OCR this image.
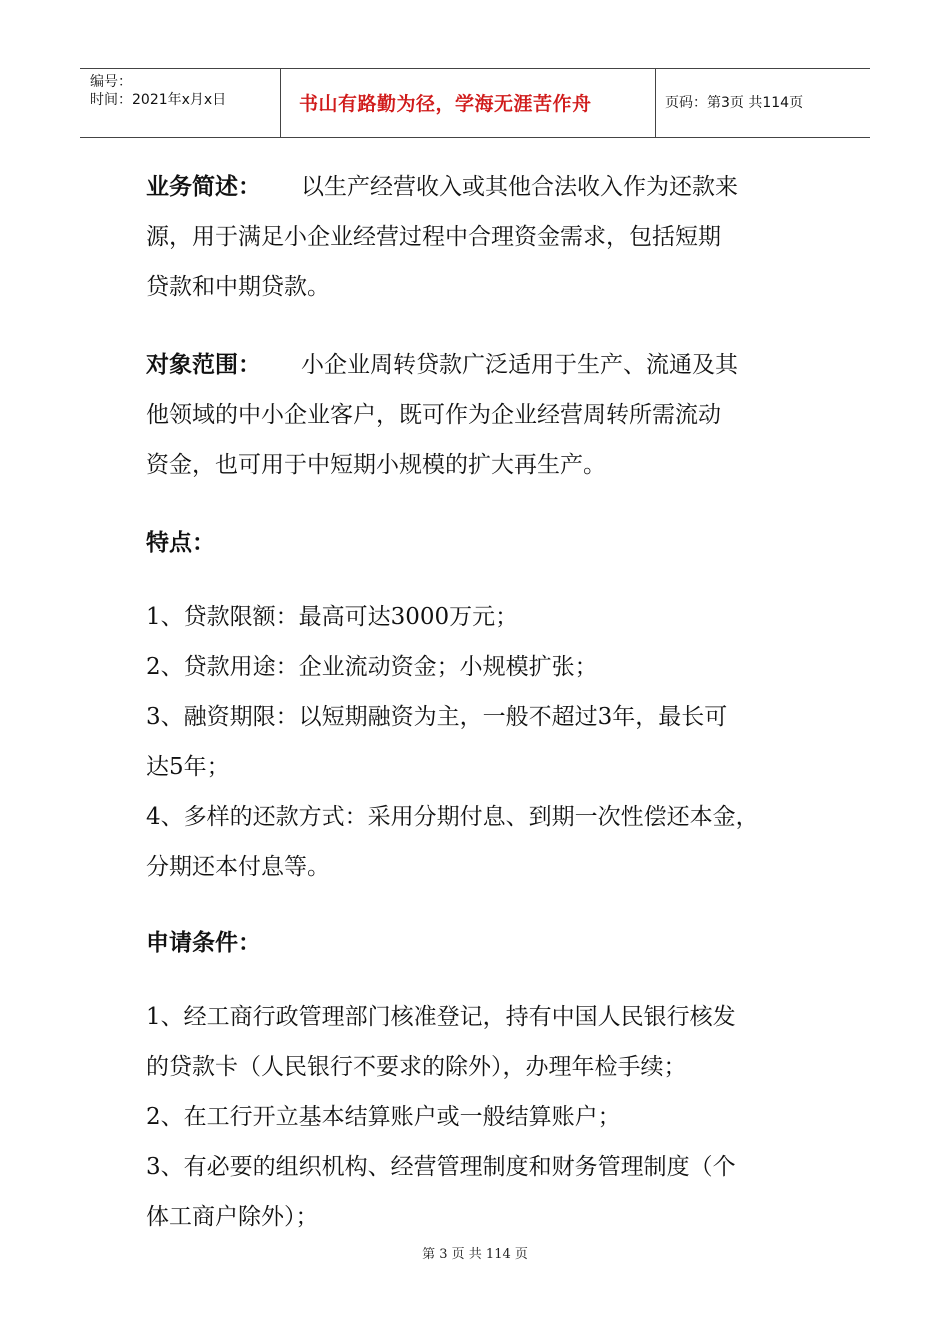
编号：
时间：2021年x月x日	书山有路勤为径，学海无涯苦作舟	页码：第3页 共114页

业务简述： 以生产经营收入或其他合法收入作为还款来

源，用于满足小企业经营过程中合理资金需求，包括短期

贷款和中期贷款。

对象范围： 小企业周转贷款广泛适用于生产、流通及其

他领域的中小企业客户，既可作为企业经营周转所需流动

资金，也可用于中短期小规模的扩大再生产。

特点：

1、贷款限额：最高可达3000万元；

2、贷款用途：企业流动资金；小规模扩张；

3、融资期限：以短期融资为主，一般不超过3年，最长可

达5年；

4、多样的还款方式：采用分期付息、到期一次性偿还本金，

分期还本付息等。

申请条件：

1、经工商行政管理部门核准登记，持有中国人民银行核发

的贷款卡（人民银行不要求的除外），办理年检手续；

2、在工行开立基本结算账户或一般结算账户；

3、有必要的组织机构、经营管理制度和财务管理制度（个

体工商户除外）；

第 3 页 共 114 页
